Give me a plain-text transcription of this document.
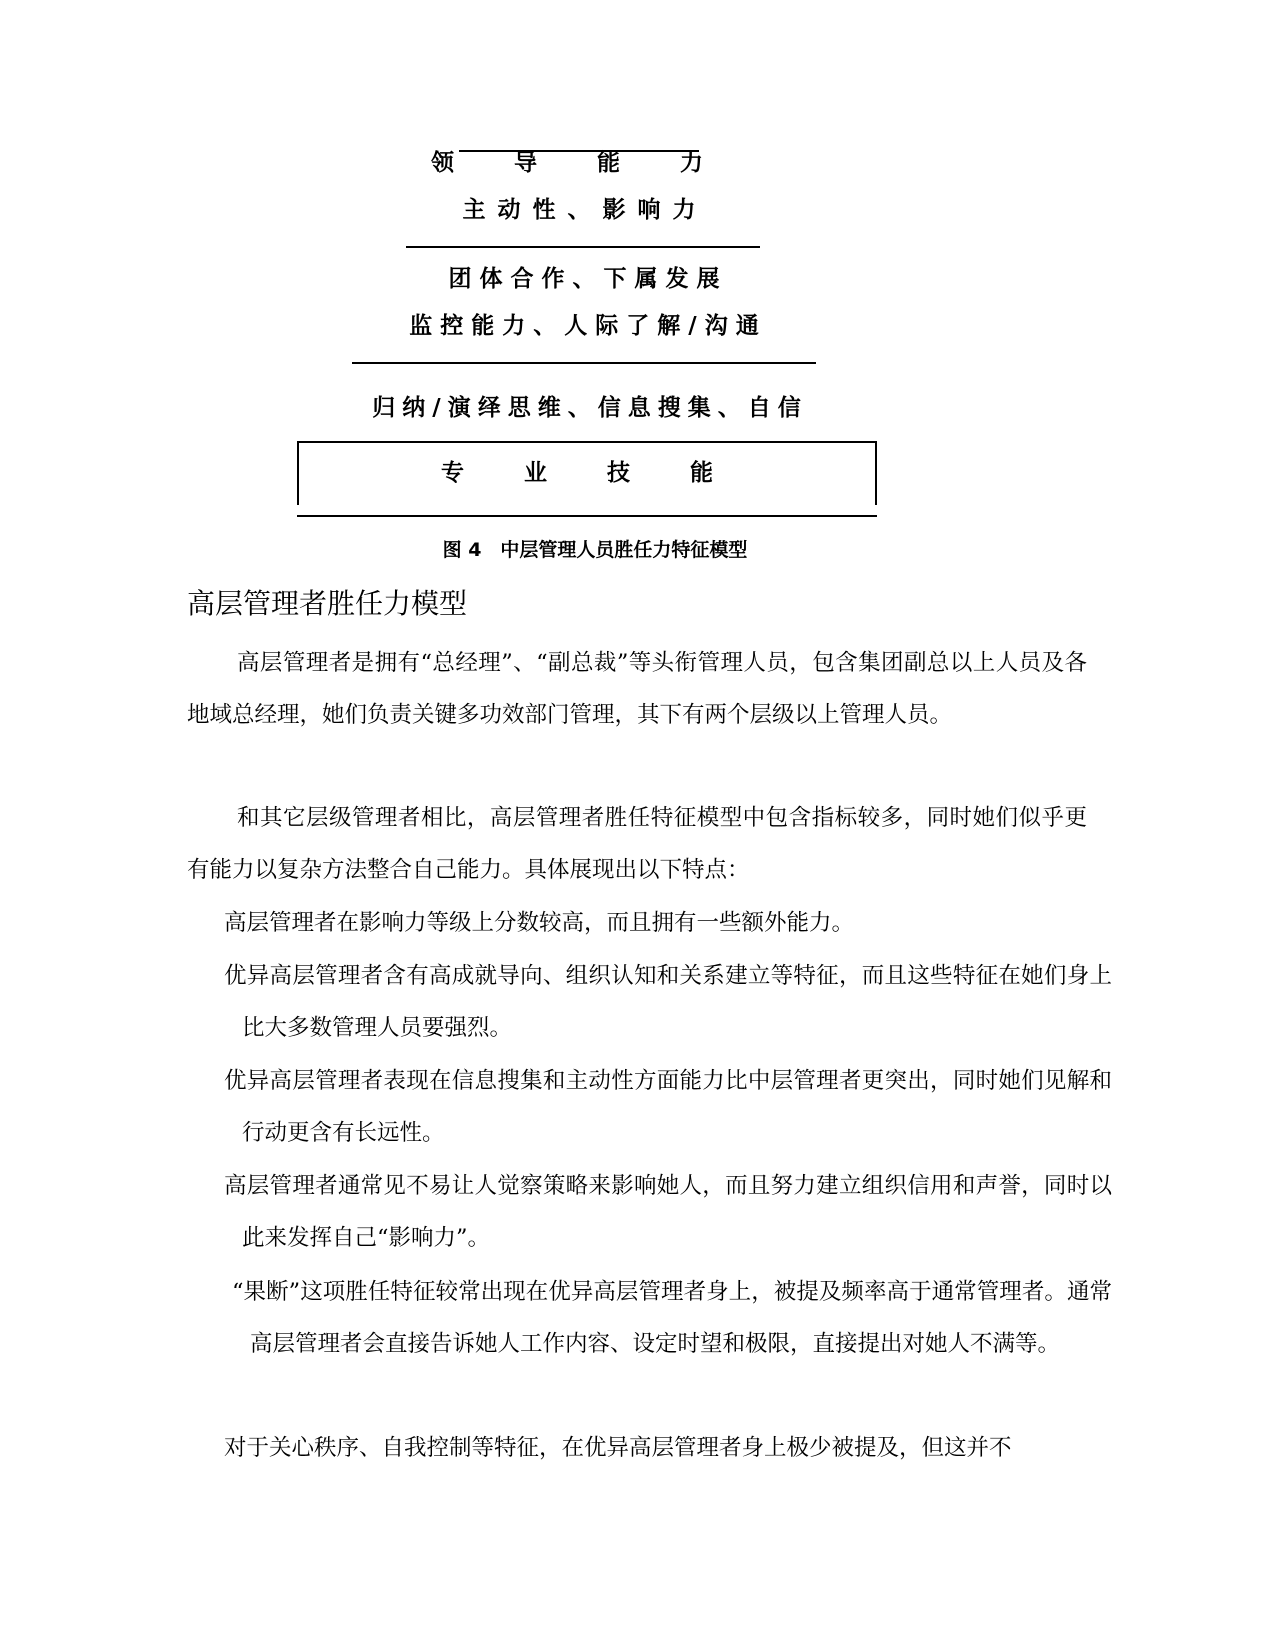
领 导 能 力
主动性、影响力
团体合作、下属发展
监控能力、人际了解/沟通
归纳/演绎思维、信息搜集、自信
专 业 技 能
图 4　中层管理人员胜任力特征模型
高层管理者胜任力模型
高层管理者是拥有“总经理”、“副总裁”等头衔管理人员，包含集团副总以上人员及各地域总经理，她们负责关键多功效部门管理，其下有两个层级以上管理人员。
和其它层级管理者相比，高层管理者胜任特征模型中包含指标较多，同时她们似乎更有能力以复杂方法整合自己能力。具体展现出以下特点：
高层管理者在影响力等级上分数较高，而且拥有一些额外能力。
优异高层管理者含有高成就导向、组织认知和关系建立等特征，而且这些特征在她们身上比大多数管理人员要强烈。
优异高层管理者表现在信息搜集和主动性方面能力比中层管理者更突出，同时她们见解和行动更含有长远性。
高层管理者通常见不易让人觉察策略来影响她人，而且努力建立组织信用和声誉，同时以此来发挥自己“影响力”。
“果断”这项胜任特征较常出现在优异高层管理者身上，被提及频率高于通常管理者。通常高层管理者会直接告诉她人工作内容、设定时望和极限，直接提出对她人不满等。
对于关心秩序、自我控制等特征，在优异高层管理者身上极少被提及，但这并不
